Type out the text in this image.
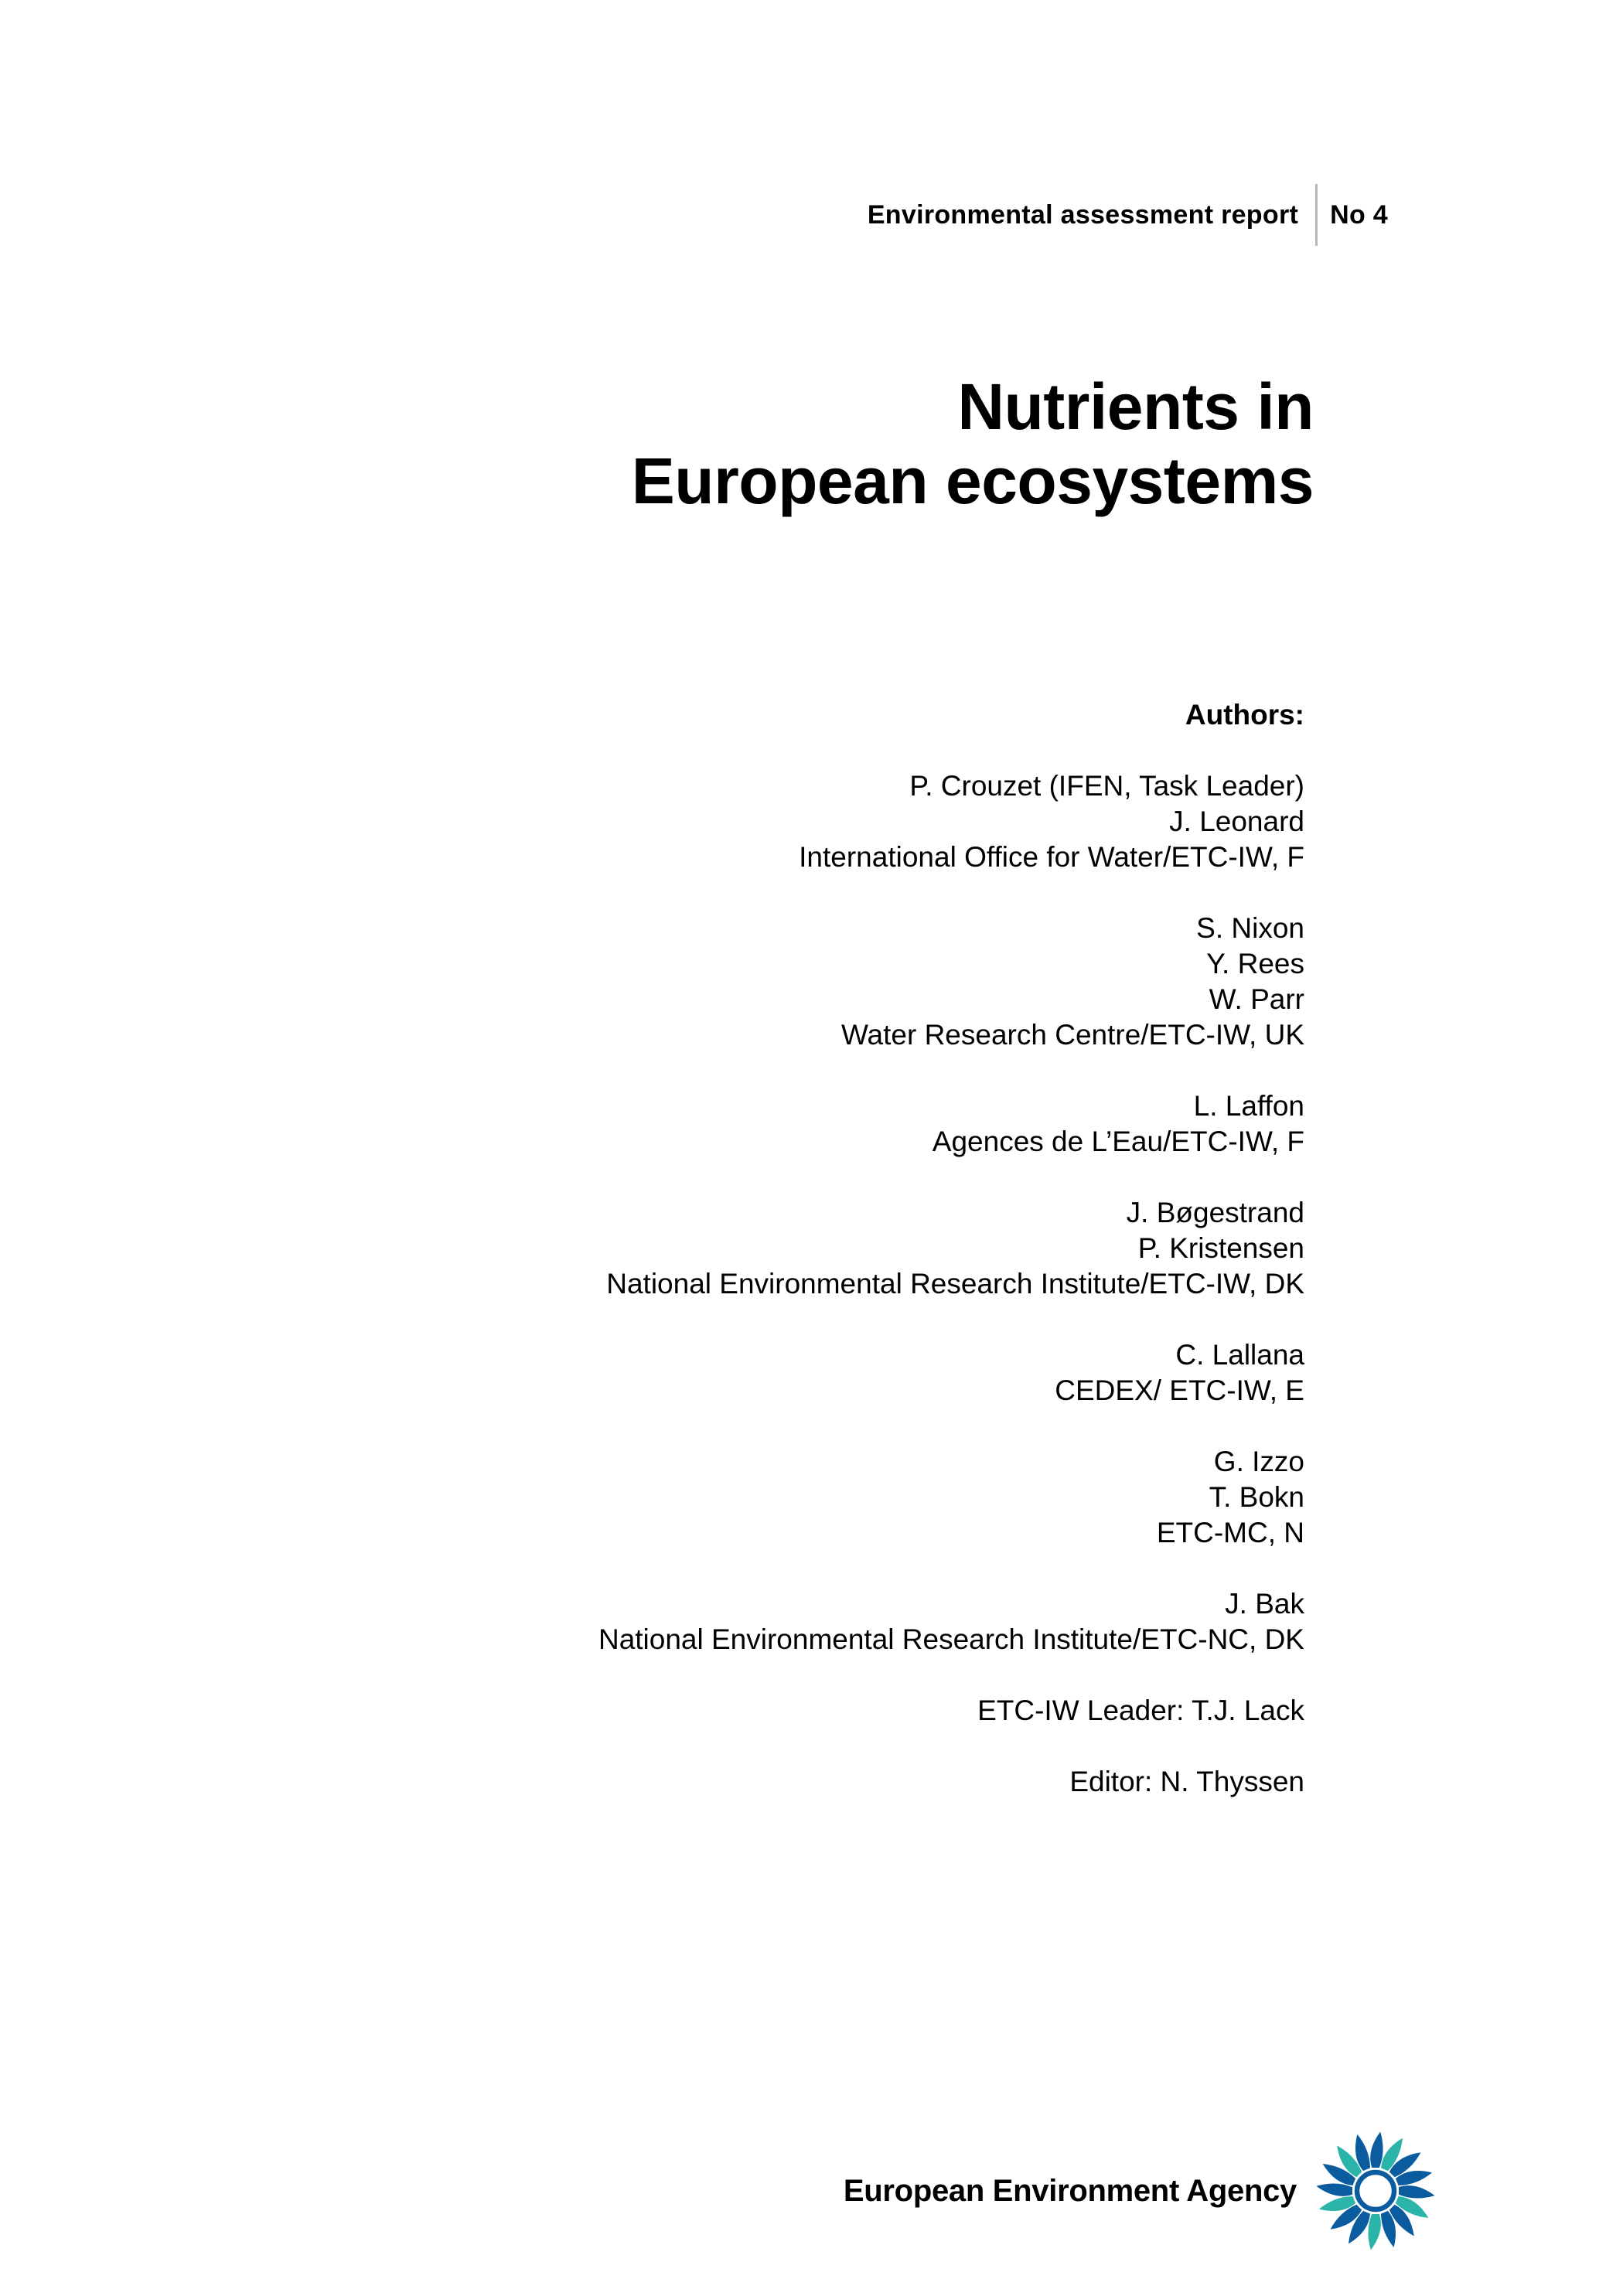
Environmental assessment report	No 4
Nutrients in
European ecosystems
Authors:
P. Crouzet (IFEN, Task Leader)
J. Leonard
International Office for Water/ETC-IW, F
S. Nixon
Y. Rees
W. Parr
Water Research Centre/ETC-IW, UK
L. Laffon
Agences de L’Eau/ETC-IW, F
J. Bøgestrand
P. Kristensen
National Environmental Research Institute/ETC-IW, DK
C. Lallana
CEDEX/ ETC-IW, E
G. Izzo
T. Bokn
ETC-MC, N
J. Bak
National Environmental Research Institute/ETC-NC, DK
ETC-IW Leader: T.J. Lack
Editor: N. Thyssen
European Environment Agency
